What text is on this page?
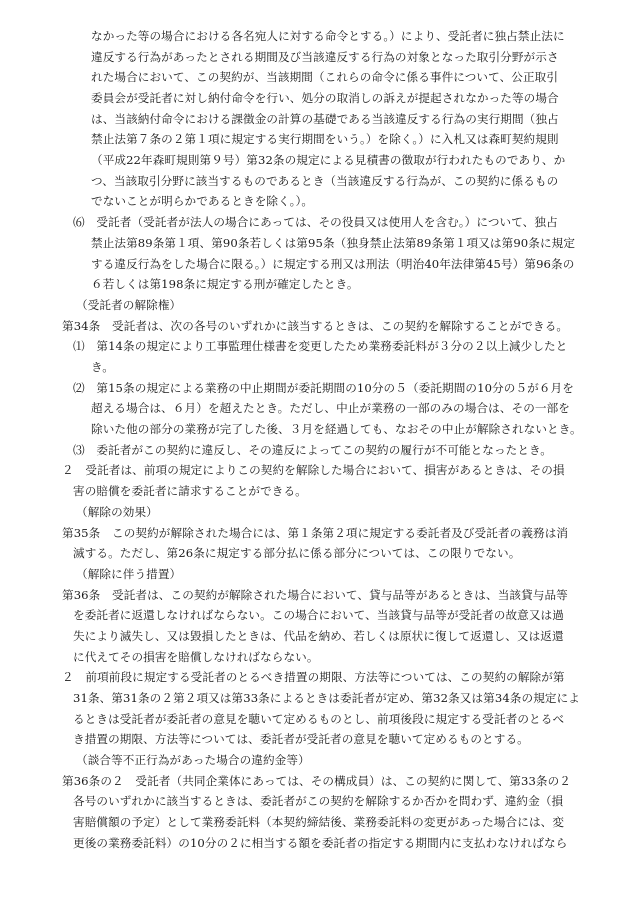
なかった等の場合における各名宛人に対する命令とする。）により、受託者に独占禁止法に
違反する行為があったとされる期間及び当該違反する行為の対象となった取引分野が示さ
れた場合において、この契約が、当該期間（これらの命令に係る事件について、公正取引
委員会が受託者に対し納付命令を行い、処分の取消しの訴えが提起されなかった等の場合
は、当該納付命令における課徴金の計算の基礎である当該違反する行為の実行期間（独占
禁止法第７条の２第１項に規定する実行期間をいう。）を除く。）に入札又は森町契約規則
（平成22年森町規則第９号）第32条の規定による見積書の徴取が行われたものであり、か
つ、当該取引分野に該当するものであるとき（当該違反する行為が、この契約に係るもの
でないことが明らかであるときを除く。）。
⑹　受託者（受託者が法人の場合にあっては、その役員又は使用人を含む。）について、独占
禁止法第89条第１項、第90条若しくは第95条（独身禁止法第89条第１項又は第90条に規定
する違反行為をした場合に限る。）に規定する刑又は刑法（明治40年法律第45号）第96条の
６若しくは第198条に規定する刑が確定したとき。
（受託者の解除権）
第34条　受託者は、次の各号のいずれかに該当するときは、この契約を解除することができる。
⑴　第14条の規定により工事監理仕様書を変更したため業務委託料が３分の２以上減少したと
き。
⑵　第15条の規定による業務の中止期間が委託期間の10分の５（委託期間の10分の５が６月を
超える場合は、６月）を超えたとき。ただし、中止が業務の一部のみの場合は、その一部を
除いた他の部分の業務が完了した後、３月を経過しても、なおその中止が解除されないとき。
⑶　委託者がこの契約に違反し、その違反によってこの契約の履行が不可能となったとき。
２　受託者は、前項の規定によりこの契約を解除した場合において、損害があるときは、その損
害の賠償を委託者に請求することができる。
（解除の効果）
第35条　この契約が解除された場合には、第１条第２項に規定する委託者及び受託者の義務は消
滅する。ただし、第26条に規定する部分払に係る部分については、この限りでない。
（解除に伴う措置）
第36条　受託者は、この契約が解除された場合において、貸与品等があるときは、当該貸与品等
を委託者に返還しなければならない。この場合において、当該貸与品等が受託者の故意又は過
失により滅失し、又は毀損したときは、代品を納め、若しくは原状に復して返還し、又は返還
に代えてその損害を賠償しなければならない。
２　前項前段に規定する受託者のとるべき措置の期限、方法等については、この契約の解除が第
31条、第31条の２第２項又は第33条によるときは委託者が定め、第32条又は第34条の規定によ
るときは受託者が委託者の意見を聴いて定めるものとし、前項後段に規定する受託者のとるべ
き措置の期限、方法等については、委託者が受託者の意見を聴いて定めるものとする。
（談合等不正行為があった場合の違約金等）
第36条の２　受託者（共同企業体にあっては、その構成員）は、この契約に関して、第33条の２
各号のいずれかに該当するときは、委託者がこの契約を解除するか否かを問わず、違約金（損
害賠償額の予定）として業務委託料（本契約締結後、業務委託料の変更があった場合には、変
更後の業務委託料）の10分の２に相当する額を委託者の指定する期間内に支払わなければなら
